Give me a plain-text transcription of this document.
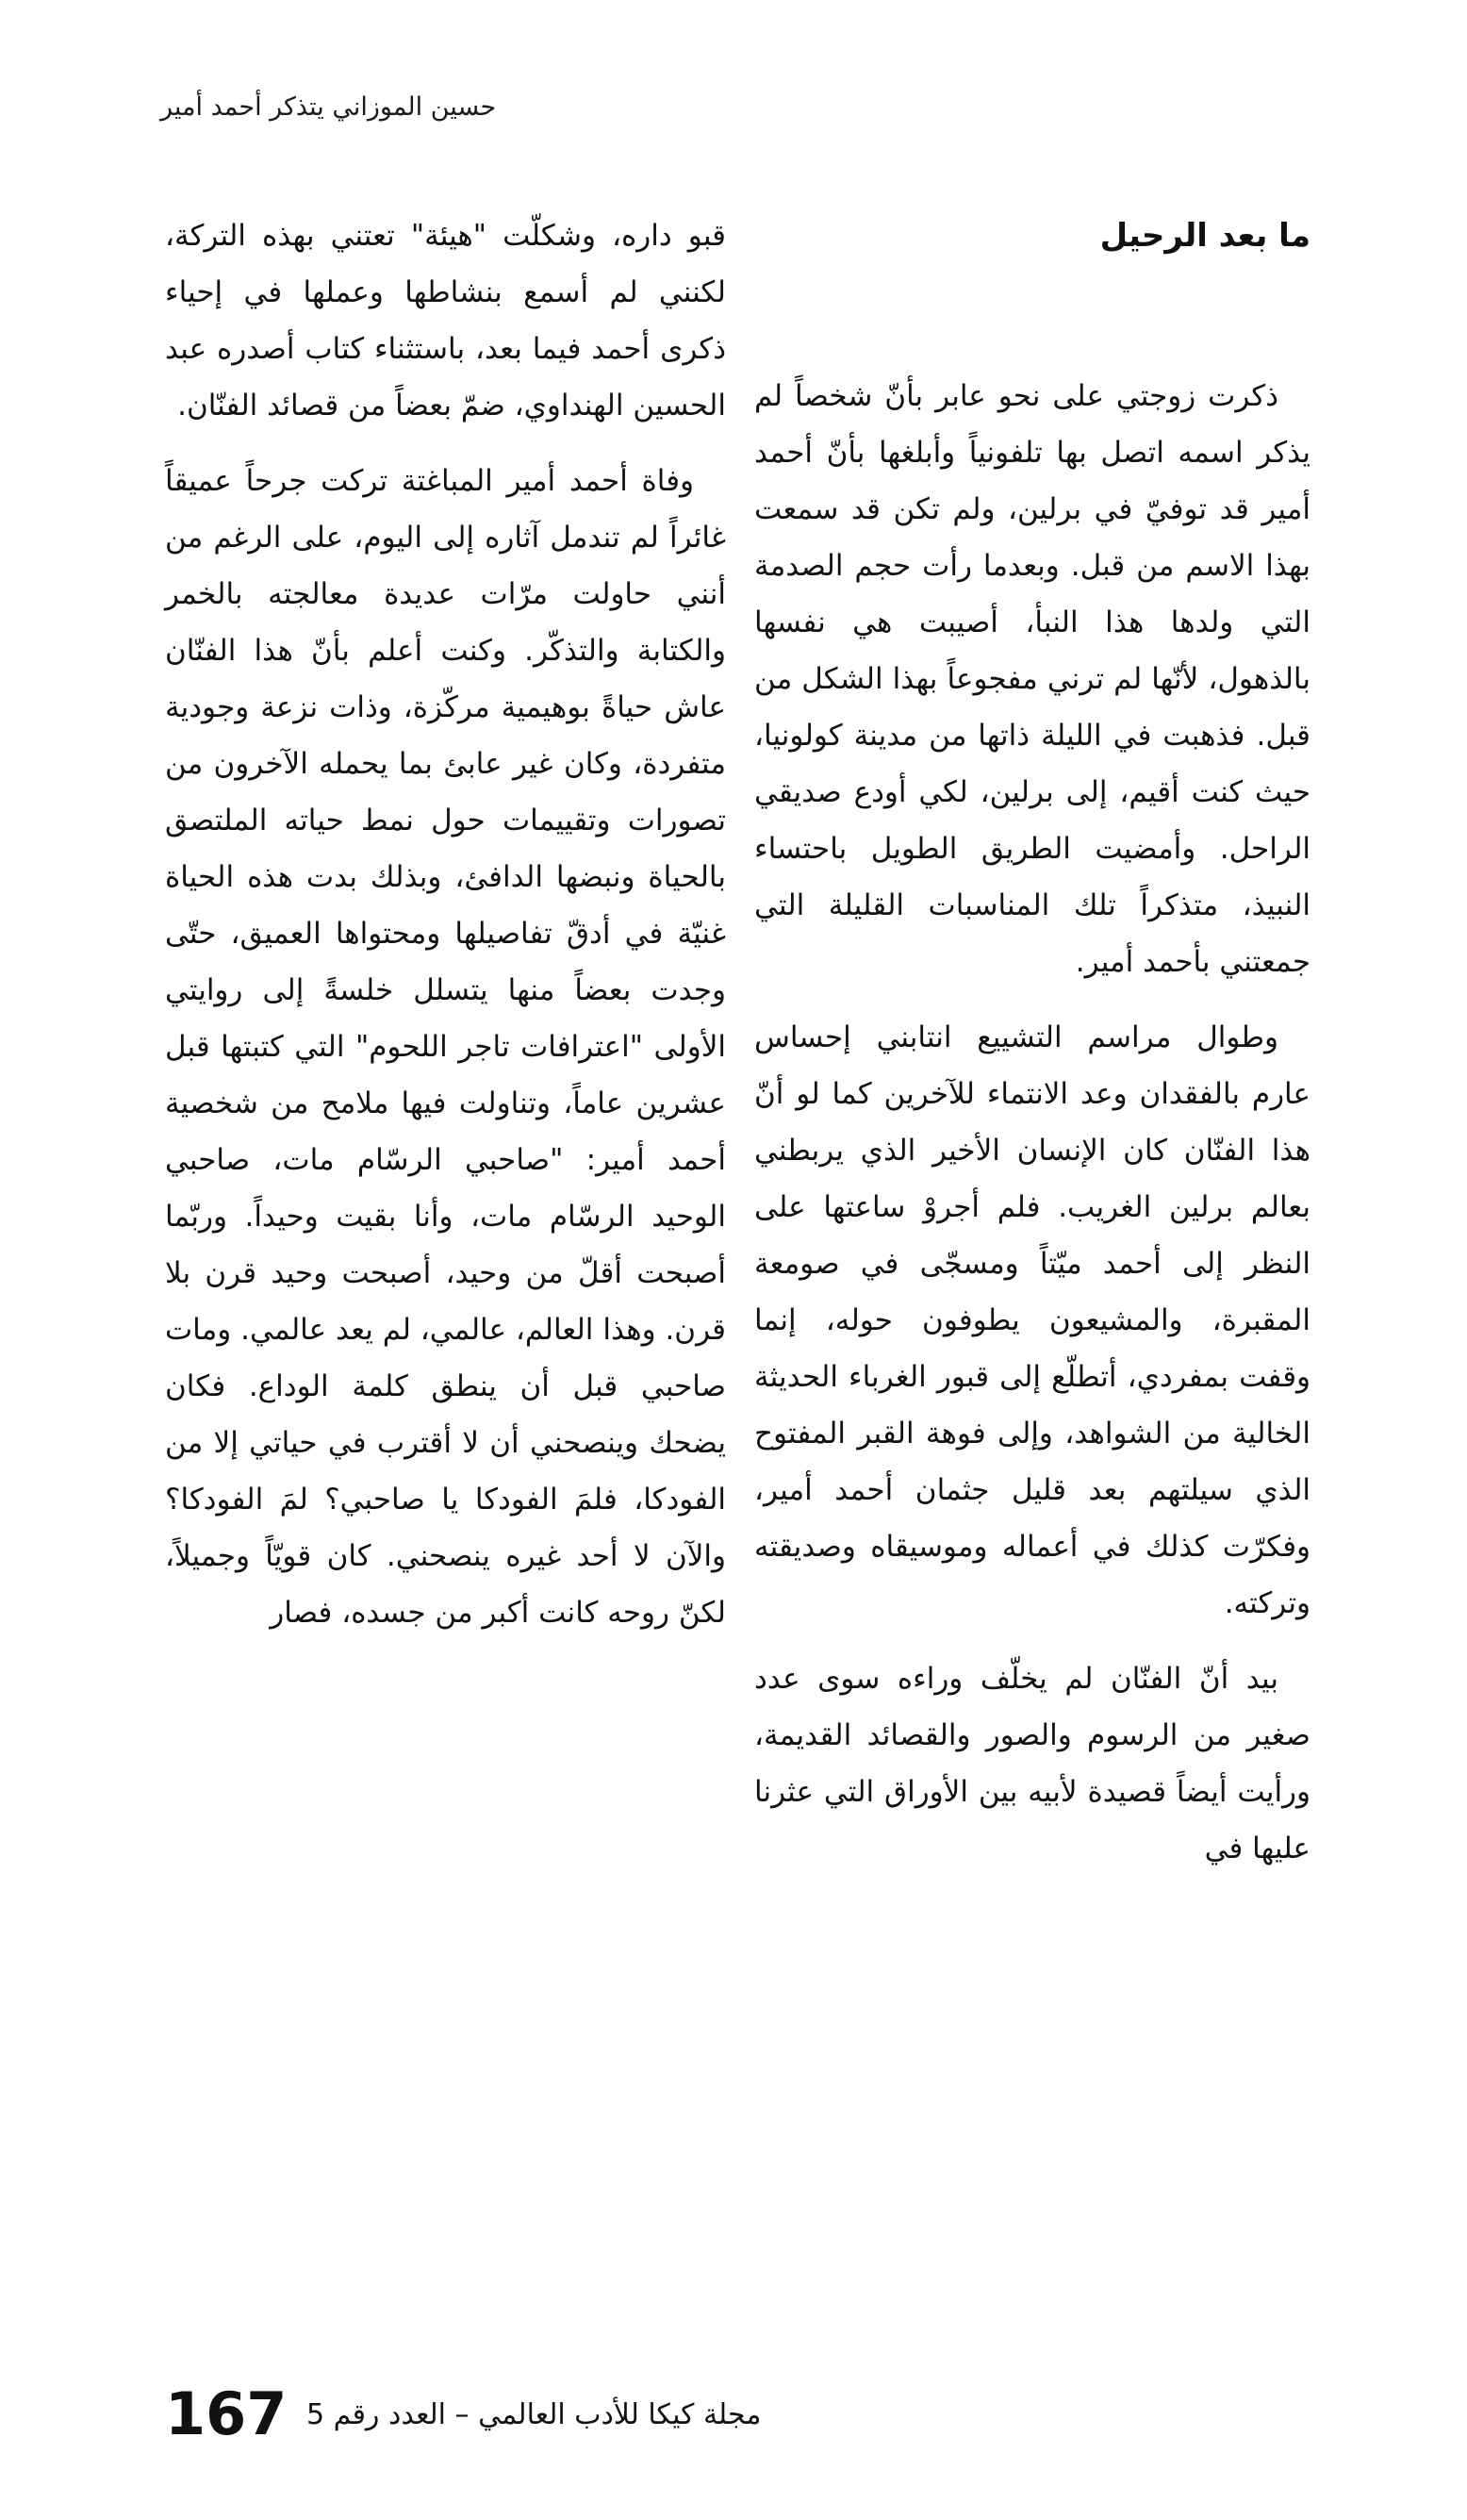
حسين الموزاني يتذكر أحمد أمير
ما بعد الرحيل

ذكرت زوجتي على نحو عابر بأنّ شخصاً لم يذكر اسمه اتصل بها تلفونياً وأبلغها بأنّ أحمد أمير قد توفيّ في برلين، ولم تكن قد سمعت بهذا الاسم من قبل. وبعدما رأت حجم الصدمة التي ولدها هذا النبأ، أصيبت هي نفسها بالذهول، لأنّها لم ترني مفجوعاً بهذا الشكل من قبل. فذهبت في الليلة ذاتها من مدينة كولونيا، حيث كنت أقيم، إلى برلين، لكي أودع صديقي الراحل. وأمضيت الطريق الطويل باحتساء النبيذ، متذكراً تلك المناسبات القليلة التي جمعتني بأحمد أمير.

وطوال مراسم التشييع انتابني إحساس عارم بالفقدان وعد الانتماء للآخرين كما لو أنّ هذا الفنّان كان الإنسان الأخير الذي يربطني بعالم برلين الغريب. فلم أجروْ ساعتها على النظر إلى أحمد ميّتاً ومسجّى في صومعة المقبرة، والمشيعون يطوفون حوله، إنما وقفت بمفردي، أتطلّع إلى قبور الغرباء الحديثة الخالية من الشواهد، وإلى فوهة القبر المفتوح الذي سيلتهم بعد قليل جثمان أحمد أمير، وفكرّت كذلك في أعماله وموسيقاه وصديقته وتركته.

بيد أنّ الفنّان لم يخلّف وراءه سوى عدد صغير من الرسوم والصور والقصائد القديمة، ورأيت أيضاً قصيدة لأبيه بين الأوراق التي عثرنا عليها في

قبو داره، وشكلّت "هيئة" تعتني بهذه التركة، لكنني لم أسمع بنشاطها وعملها في إحياء ذكرى أحمد فيما بعد، باستثناء كتاب أصدره عبد الحسين الهنداوي، ضمّ بعضاً من قصائد الفنّان.

وفاة أحمد أمير المباغتة تركت جرحاً عميقاً غائراً لم تندمل آثاره إلى اليوم، على الرغم من أنني حاولت مرّات عديدة معالجته بالخمر والكتابة والتذكّر. وكنت أعلم بأنّ هذا الفنّان عاش حياةً بوهيمية مركّزة، وذات نزعة وجودية متفردة، وكان غير عابئ بما يحمله الآخرون من تصورات وتقييمات حول نمط حياته الملتصق بالحياة ونبضها الدافئ، وبذلك بدت هذه الحياة غنيّة في أدقّ تفاصيلها ومحتواها العميق، حتّى وجدت بعضاً منها يتسلل خلسةً إلى روايتي الأولى "اعترافات تاجر اللحوم" التي كتبتها قبل عشرين عاماً، وتناولت فيها ملامح من شخصية أحمد أمير: "صاحبي الرسّام مات، صاحبي الوحيد الرسّام مات، وأنا بقيت وحيداً. وربّما أصبحت أقلّ من وحيد، أصبحت وحيد قرن بلا قرن. وهذا العالم، عالمي، لم يعد عالمي. ومات صاحبي قبل أن ينطق كلمة الوداع. فكان يضحك وينصحني أن لا أقترب في حياتي إلا من الفودكا، فلمَ الفودكا يا صاحبي؟ لمَ الفودكا؟ والآن لا أحد غيره ينصحني. كان قويّاً وجميلاً، لكنّ روحه كانت أكبر من جسده، فصار

167 مجلة كيكا للأدب العالمي – العدد رقم 5
